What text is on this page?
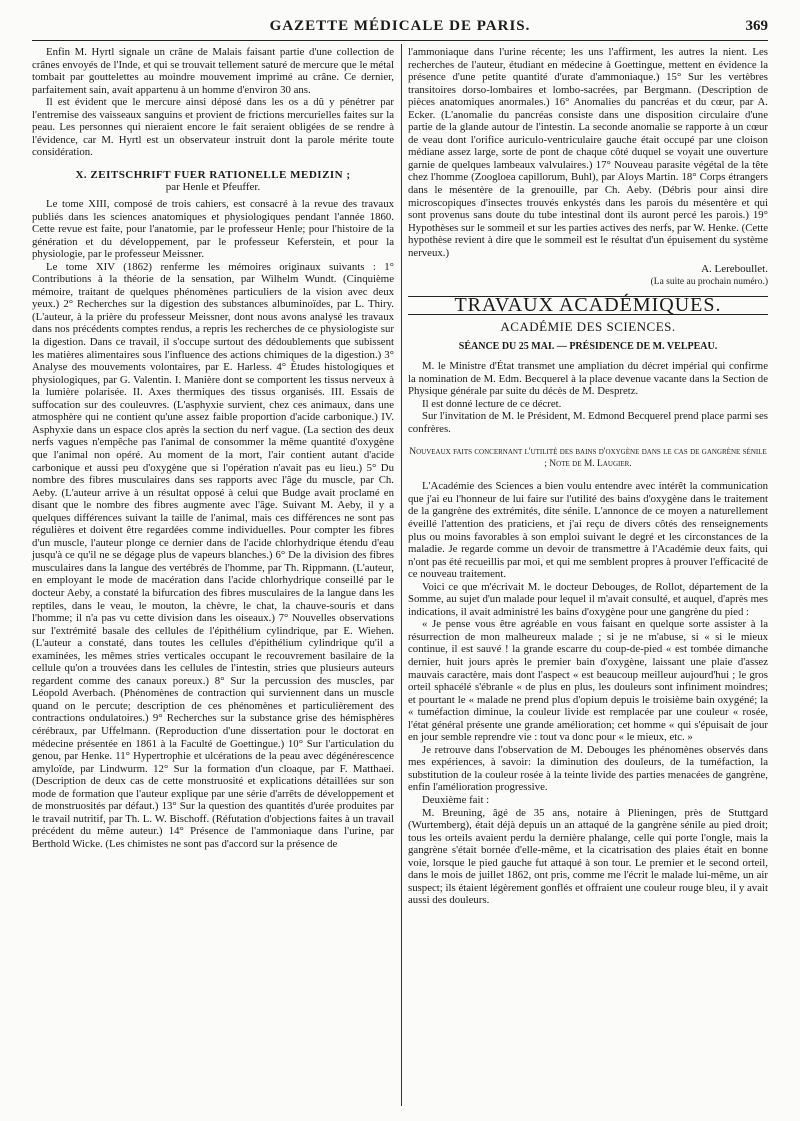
GAZETTE MÉDICALE DE PARIS.	369

Enfin M. Hyrtl signale un crâne de Malais faisant partie d'une collection de crânes envoyés de l'Inde, et qui se trouvait tellement saturé de mercure que le métal tombait par gouttelettes au moindre mouvement imprimé au crâne. Ce dernier, parfaitement sain, avait appartenu à un homme d'environ 30 ans.

Il est évident que le mercure ainsi déposé dans les os a dû y pénétrer par l'entremise des vaisseaux sanguins et provient de frictions mercurielles faites sur la peau. Les personnes qui nieraient encore le fait seraient obligées de se rendre à l'évidence, car M. Hyrtl est un observateur instruit dont la parole mérite toute considération.

X. ZEITSCHRIFT FUER RATIONELLE MEDIZIN ;
par Henle et Pfeuffer.

Le tome XIII, composé de trois cahiers, est consacré à la revue des travaux publiés dans les sciences anatomiques et physiologiques pendant l'année 1860. Cette revue est faite, pour l'anatomie, par le professeur Henle; pour l'histoire de la génération et du développement, par le professeur Keferstein, et pour la physiologie, par le professeur Meissner.

Le tome XIV (1862) renferme les mémoires originaux suivants : 1° Contributions à la théorie de la sensation, par Wilhelm Wundt. (Cinquième mémoire, traitant de quelques phénomènes particuliers de la vision avec deux yeux.) 2° Recherches sur la digestion des substances albuminoïdes, par L. Thiry. (L'auteur, à la prière du professeur Meissner, dont nous avons analysé les travaux dans nos précédents comptes rendus, a repris les recherches de ce physiologiste sur la digestion. Dans ce travail, il s'occupe surtout des dédoublements que subissent les matières alimentaires sous l'influence des actions chimiques de la digestion.) 3° Analyse des mouvements volontaires, par E. Harless. 4° Études histologiques et physiologiques, par G. Valentin. I. Manière dont se comportent les tissus nerveux à la lumière polarisée. II. Axes thermiques des tissus organisés. III. Essais de suffocation sur des couleuvres. (L'asphyxie survient, chez ces animaux, dans une atmosphère qui ne contient qu'une assez faible proportion d'acide carbonique.) IV. Asphyxie dans un espace clos après la section du nerf vague. (La section des deux nerfs vagues n'empêche pas l'animal de consommer la même quantité d'oxygène que l'animal non opéré. Au moment de la mort, l'air contient autant d'acide carbonique et aussi peu d'oxygène que si l'opération n'avait pas eu lieu.) 5° Du nombre des fibres musculaires dans ses rapports avec l'âge du muscle, par Ch. Aeby. (L'auteur arrive à un résultat opposé à celui que Budge avait proclamé en disant que le nombre des fibres augmente avec l'âge. Suivant M. Aeby, il y a quelques différences suivant la taille de l'animal, mais ces différences ne sont pas régulières et doivent être regardées comme individuelles. Pour compter les fibres d'un muscle, l'auteur plonge ce dernier dans de l'acide chlorhydrique étendu d'eau jusqu'à ce qu'il ne se dégage plus de vapeurs blanches.) 6° De la division des fibres musculaires dans la langue des vertébrés de l'homme, par Th. Rippmann. (L'auteur, en employant le mode de macération dans l'acide chlorhydrique conseillé par le docteur Aeby, a constaté la bifurcation des fibres musculaires de la langue dans les reptiles, dans le veau, le mouton, la chèvre, le chat, la chauve-souris et dans l'homme; il n'a pas vu cette division dans les oiseaux.) 7° Nouvelles observations sur l'extrémité basale des cellules de l'épithélium cylindrique, par E. Wiehen. (L'auteur a constaté, dans toutes les cellules d'épithélium cylindrique qu'il a examinées, les mêmes stries verticales occupant le recouvrement basilaire de la cellule qu'on a trouvées dans les cellules de l'intestin, stries que plusieurs auteurs regardent comme des canaux poreux.) 8° Sur la percussion des muscles, par Léopold Averbach. (Phénomènes de contraction qui surviennent dans un muscle quand on le percute; description de ces phénomènes et particulièrement des contractions ondulatoires.) 9° Recherches sur la substance grise des hémisphères cérébraux, par Uffelmann. (Reproduction d'une dissertation pour le doctorat en médecine présentée en 1861 à la Faculté de Goettingue.) 10° Sur l'articulation du genou, par Henke. 11° Hypertrophie et ulcérations de la peau avec dégénérescence amyloïde, par Lindwurm. 12° Sur la formation d'un cloaque, par F. Matthaei. (Description de deux cas de cette monstruosité et explications détaillées sur son mode de formation que l'auteur explique par une série d'arrêts de développement et de monstruosités par défaut.) 13° Sur la question des quantités d'urée produites par le travail nutritif, par Th. L. W. Bischoff. (Réfutation d'objections faites à un travail précédent du même auteur.) 14° Présence de l'ammoniaque dans l'urine, par Berthold Wicke. (Les chimistes ne sont pas d'accord sur la présence de

l'ammoniaque dans l'urine récente; les uns l'affirment, les autres la nient. Les recherches de l'auteur, étudiant en médecine à Goettingue, mettent en évidence la présence d'une petite quantité d'urate d'ammoniaque.) 15° Sur les vertèbres transitoires dorso-lombaires et lombo-sacrées, par Bergmann. (Description de pièces anatomiques anormales.) 16° Anomalies du pancréas et du cœur, par A. Ecker. (L'anomalie du pancréas consiste dans une disposition circulaire d'une partie de la glande autour de l'intestin. La seconde anomalie se rapporte à un cœur de veau dont l'orifice auriculo-ventriculaire gauche était occupé par une cloison médiane assez large, sorte de pont de chaque côté duquel se voyait une ouverture garnie de quelques lambeaux valvulaires.) 17° Nouveau parasite végétal de la tête chez l'homme (Zoogloea capillorum, Buhl), par Aloys Martin. 18° Corps étrangers dans le mésentère de la grenouille, par Ch. Aeby. (Débris pour ainsi dire microscopiques d'insectes trouvés enkystés dans les parois du mésentère et qui sont provenus sans doute du tube intestinal dont ils auront percé les parois.) 19° Hypothèses sur le sommeil et sur les parties actives des nerfs, par W. Henke. (Cette hypothèse revient à dire que le sommeil est le résultat d'un épuisement du système nerveux.)

A. Lereboullet.
(La suite au prochain numéro.)
TRAVAUX ACADÉMIQUES.
ACADÉMIE DES SCIENCES.
SÉANCE DU 25 MAI. — PRÉSIDENCE DE M. VELPEAU.

M. le Ministre d'État transmet une ampliation du décret impérial qui confirme la nomination de M. Edm. Becquerel à la place devenue vacante dans la Section de Physique générale par suite du décès de M. Despretz.

Il est donné lecture de ce décret.

Sur l'invitation de M. le Président, M. Edmond Becquerel prend place parmi ses confrères.

Nouveaux faits concernant l'utilité des bains d'oxygène dans le cas de gangrène sénile ; Note de M. Laugier.

L'Académie des Sciences a bien voulu entendre avec intérêt la communication que j'ai eu l'honneur de lui faire sur l'utilité des bains d'oxygène dans le traitement de la gangrène des extrémités, dite sénile. L'annonce de ce moyen a naturellement éveillé l'attention des praticiens, et j'ai reçu de divers côtés des renseignements plus ou moins favorables à son emploi suivant le degré et les circonstances de la maladie. Je regarde comme un devoir de transmettre à l'Académie deux faits, qui n'ont pas été recueillis par moi, et qui me semblent propres à prouver l'efficacité de ce nouveau traitement.

Voici ce que m'écrivait M. le docteur Debouges, de Rollot, département de la Somme, au sujet d'un malade pour lequel il m'avait consulté, et auquel, d'après mes indications, il avait administré les bains d'oxygène pour une gangrène du pied :

« Je pense vous être agréable en vous faisant en quelque sorte assister à la résurrection de mon malheureux malade ; si je ne m'abuse, si « si le mieux continue, il est sauvé ! la grande escarre du coup-de-pied « est tombée dimanche dernier, huit jours après le premier bain d'oxygène, laissant une plaie d'assez mauvais caractère, mais dont l'aspect « est beaucoup meilleur aujourd'hui ; le gros orteil sphacélé s'ébranle « de plus en plus, les douleurs sont infiniment moindres; et pourtant le « malade ne prend plus d'opium depuis le troisième bain oxygéné; la « tuméfaction diminue, la couleur livide est remplacée par une couleur « rosée, l'état général présente une grande amélioration; cet homme « qui s'épuisait de jour en jour semble reprendre vie : tout va donc pour « le mieux, etc. »

Je retrouve dans l'observation de M. Debouges les phénomènes observés dans mes expériences, à savoir: la diminution des douleurs, de la tuméfaction, la substitution de la couleur rosée à la teinte livide des parties menacées de gangrène, enfin l'amélioration progressive.

Deuxième fait :

M. Breuning, âgé de 35 ans, notaire à Plieningen, près de Stuttgard (Wurtemberg), était déjà depuis un an attaqué de la gangrène sénile au pied droit; tous les orteils avaient perdu la dernière phalange, celle qui porte l'ongle, mais la gangrène s'était bornée d'elle-même, et la cicatrisation des plaies était en bonne voie, lorsque le pied gauche fut attaqué à son tour. Le premier et le second orteil, dans le mois de juillet 1862, ont pris, comme me l'écrit le malade lui-même, un air suspect; ils étaient légèrement gonflés et offraient une couleur rouge bleu, il y avait aussi des douleurs.
